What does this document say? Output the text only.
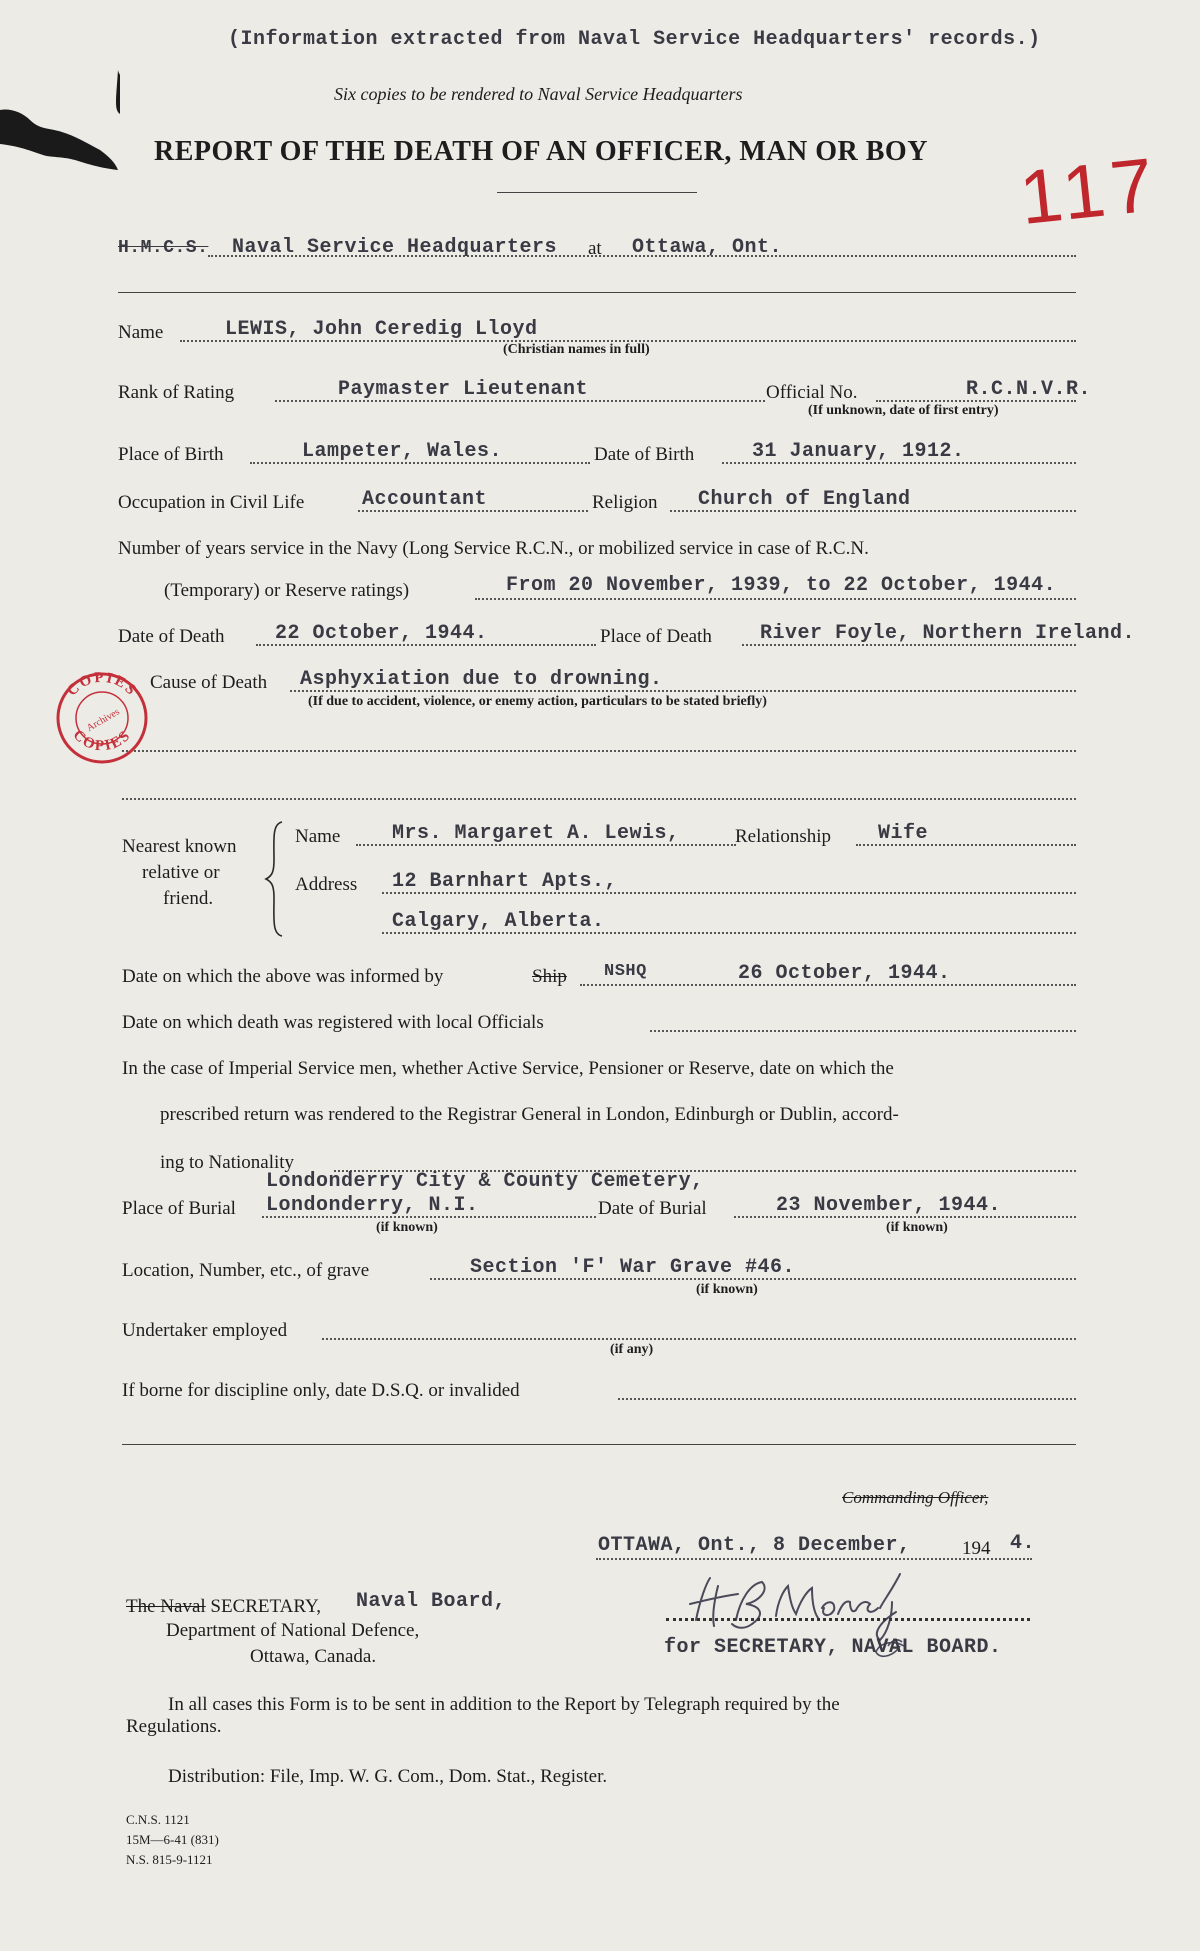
(Information extracted from Naval Service Headquarters' records.)
Six copies to be rendered to Naval Service Headquarters
REPORT OF THE DEATH OF AN OFFICER, MAN OR BOY 117
H.M.C.S. Naval Service Headquarters at Ottawa, Ont.
Name	LEWIS, John Ceredig Lloyd
(Christian names in full)
Rank of Rating	Paymaster Lieutenant	Official No.	R.C.N.V.R.
(If unknown, date of first entry)
Place of Birth	Lampeter, Wales.	Date of Birth	31 January, 1912.
Occupation in Civil Life	Accountant	Religion Church of England
Number of years service in the Navy (Long Service R.C.N., or mobilized service in case of R.C.N.
(Temporary) or Reserve ratings)	From 20 November, 1939, to 22 October, 1944.
Date of Death	22 October, 1944.	Place of Death River Foyle, Northern Ireland.
Cause of Death Asphyxiation due to drowning.
(If due to accident, violence, or enemy action, particulars to be stated briefly)
COPIES
Archives
COPIES
Nearest known
relative or
friend.
Name	Mrs. Margaret A. Lewis,	Relationship Wife
Address 12 Barnhart Apts.,
Calgary, Alberta.
Date on which the above was informed by	Ship NSHQ	26 October, 1944.
Date on which death was registered with local Officials
In the case of Imperial Service men, whether Active Service, Pensioner or Reserve, date on which the
prescribed return was rendered to the Registrar General in London, Edinburgh or Dublin, accord-
ing to Nationality
Londonderry City & County Cemetery,
Place of Burial Londonderry, N.I.
(if known)
Date of Burial	23 November, 1944.
(if known)
Location, Number, etc., of grave	Section 'F' War Grave #46.
(if known)
Undertaker employed
(if any)
If borne for discipline only, date D.S.Q. or invalided
Commanding Officer,
OTTAWA, Ont., 8 December,	194 4.
The Naval SECRETARY, Naval Board,
Department of National Defence,
Ottawa, Canada.	for SECRETARY, NAVAL BOARD.
In all cases this Form is to be sent in addition to the Report by Telegraph required by the
Regulations.
Distribution: File, Imp. W. G. Com., Dom. Stat., Register.
C.N.S. 1121
15M—6-41 (831)
N.S. 815-9-1121
